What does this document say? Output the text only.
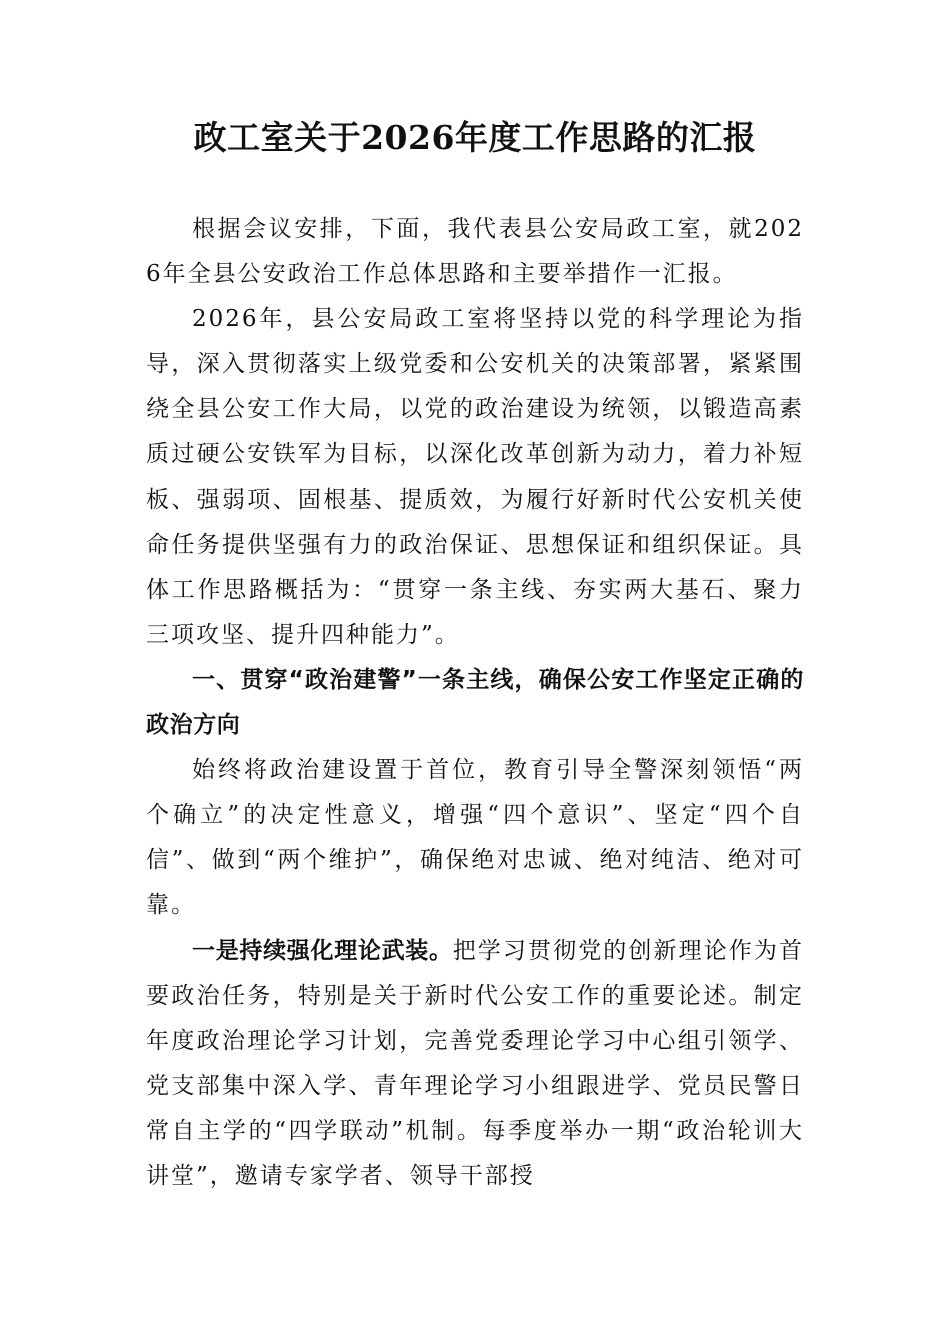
政工室关于2026年度工作思路的汇报

根据会议安排，下面，我代表县公安局政工室，就2026年全县公安政治工作总体思路和主要举措作一汇报。

2026年，县公安局政工室将坚持以党的科学理论为指导，深入贯彻落实上级党委和公安机关的决策部署，紧紧围绕全县公安工作大局，以党的政治建设为统领，以锻造高素质过硬公安铁军为目标，以深化改革创新为动力，着力补短板、强弱项、固根基、提质效，为履行好新时代公安机关使命任务提供坚强有力的政治保证、思想保证和组织保证。具体工作思路概括为：“贯穿一条主线、夯实两大基石、聚力三项攻坚、提升四种能力”。

一、贯穿“政治建警”一条主线，确保公安工作坚定正确的政治方向

始终将政治建设置于首位，教育引导全警深刻领悟“两个确立”的决定性意义，增强“四个意识”、坚定“四个自信”、做到“两个维护”，确保绝对忠诚、绝对纯洁、绝对可靠。

一是持续强化理论武装。把学习贯彻党的创新理论作为首要政治任务，特别是关于新时代公安工作的重要论述。制定年度政治理论学习计划，完善党委理论学习中心组引领学、党支部集中深入学、青年理论学习小组跟进学、党员民警日常自主学的“四学联动”机制。每季度举办一期“政治轮训大讲堂”，邀请专家学者、领导干部授
